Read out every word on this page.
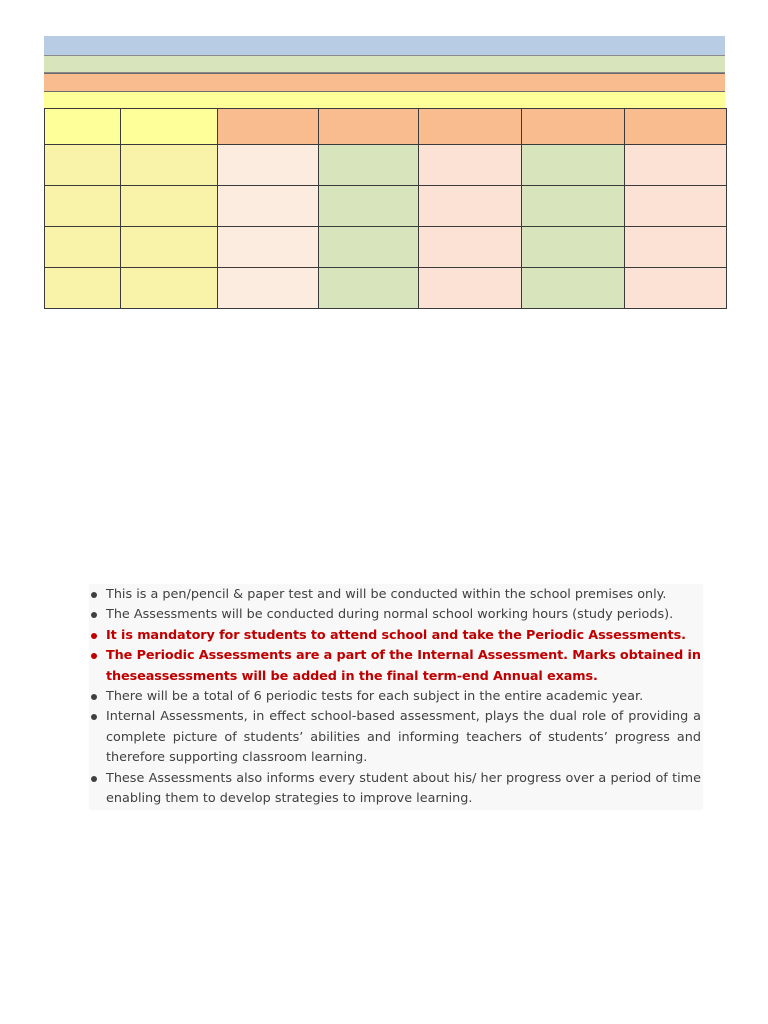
This is a pen/pencil & paper test and will be conducted within the school premises only.
The Assessments will be conducted during normal school working hours (study periods).
It is mandatory for students to attend school and take the Periodic Assessments.
The Periodic Assessments are a part of the Internal Assessment. Marks obtained in theseassessments will be added in the final term-end Annual exams.
There will be a total of 6 periodic tests for each subject in the entire academic year.
Internal Assessments, in effect school-based assessment, plays the dual role of providing a complete picture of students’ abilities and informing teachers of students’ progress and therefore supporting classroom learning.
These Assessments also informs every student about his/ her progress over a period of time enabling them to develop strategies to improve learning.
